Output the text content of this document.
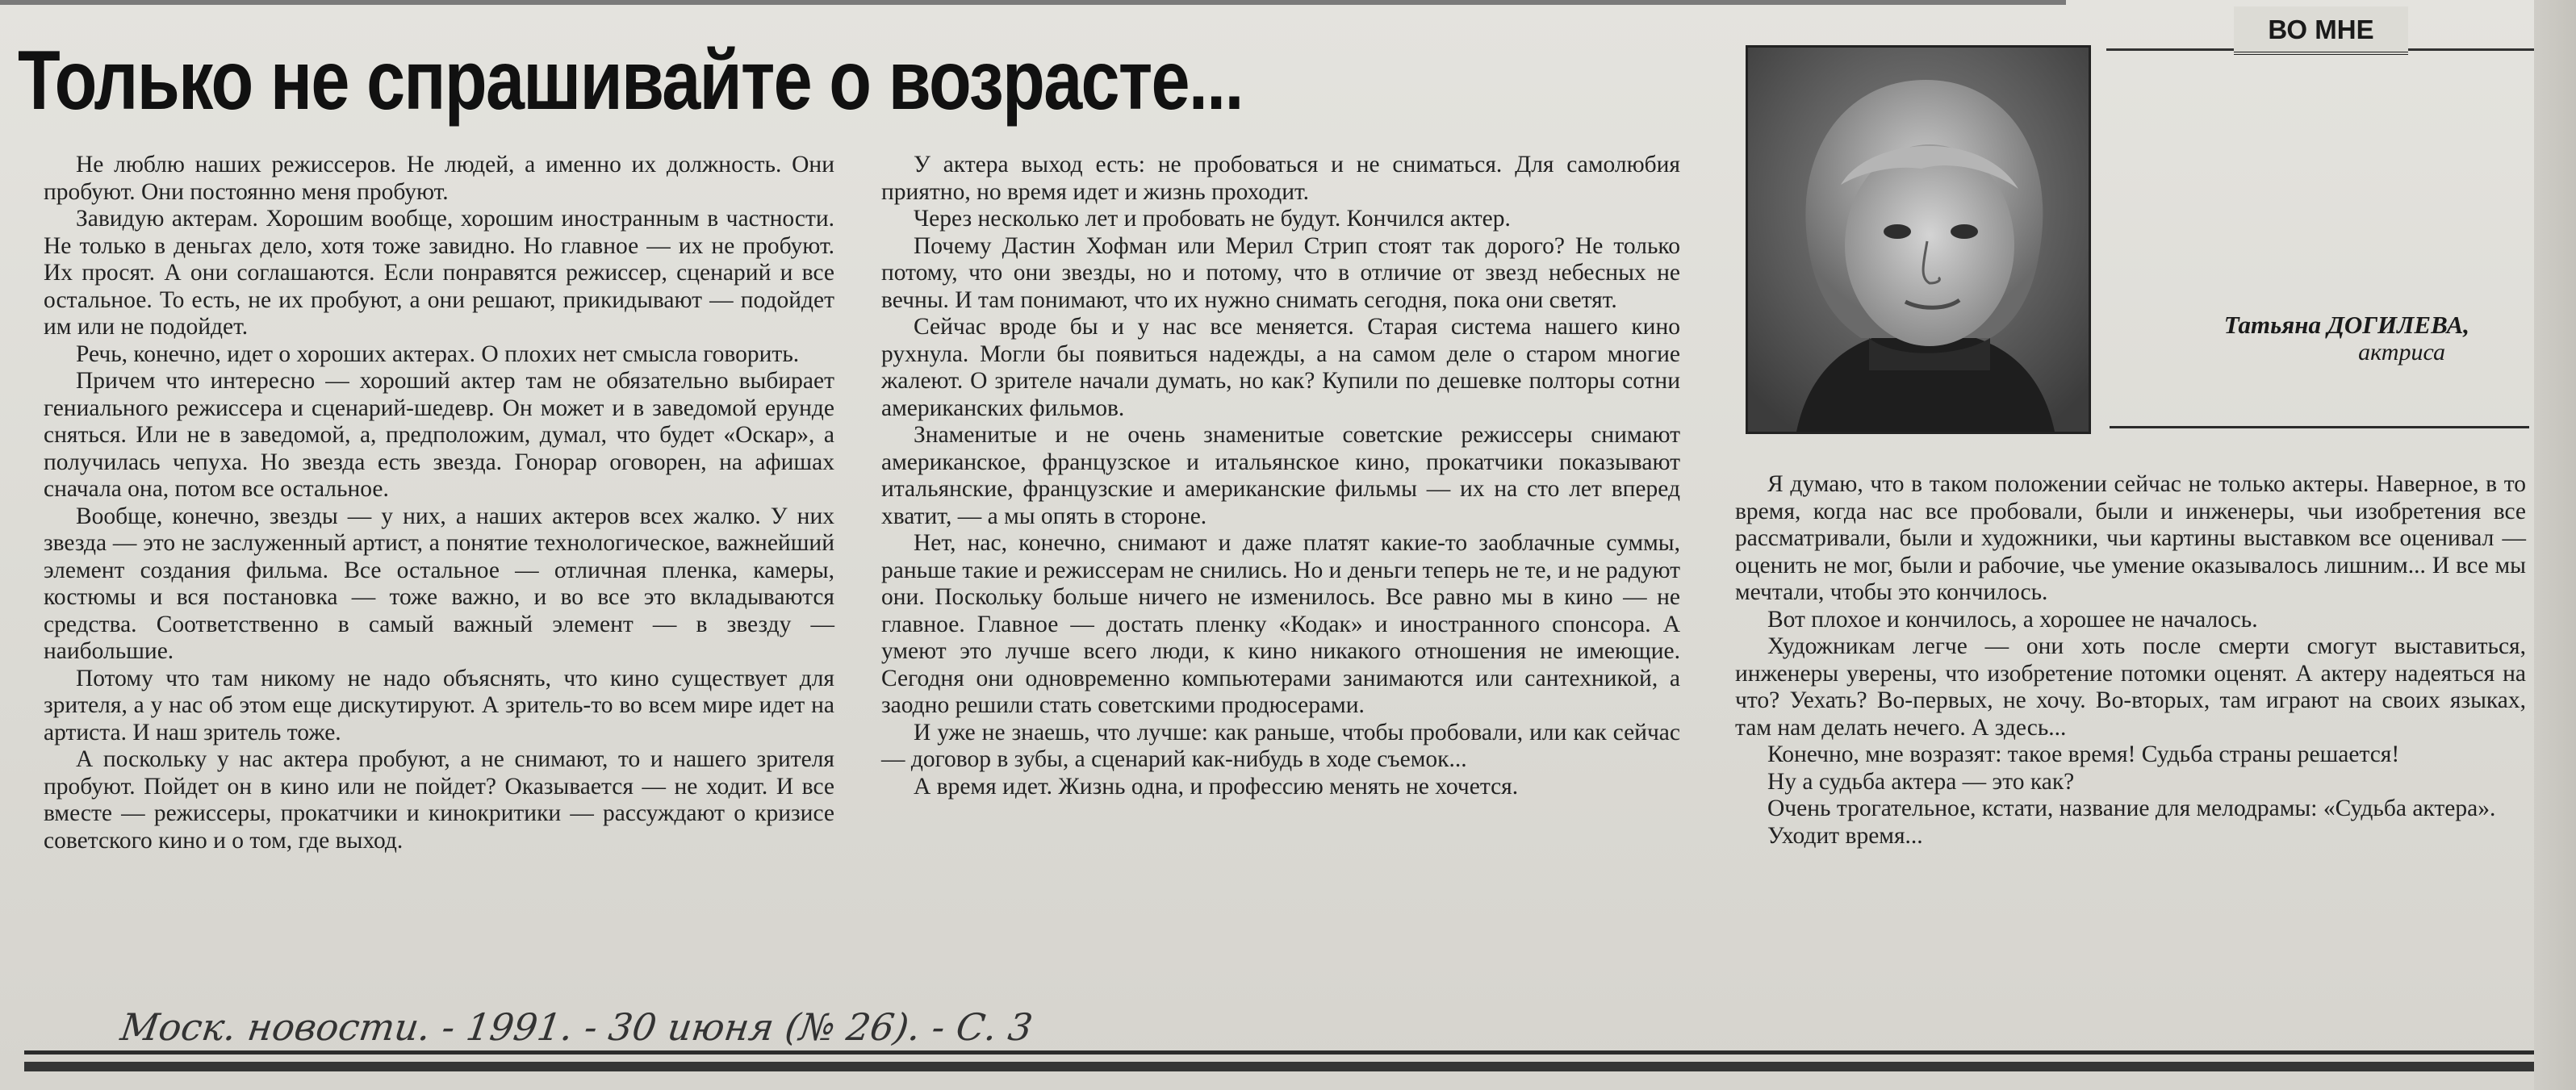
Только не спрашивайте о возрасте...

Не люблю наших режиссеров. Не людей, а именно их должность. Они пробуют. Они постоянно меня пробуют.

Завидую актерам. Хорошим вообще, хорошим иностранным в частности. Не только в деньгах дело, хотя тоже завидно. Но главное — их не пробуют. Их просят. А они соглашаются. Если понравятся режиссер, сценарий и все остальное. То есть, не их пробуют, а они решают, прикидывают — подойдет им или не подойдет.

Речь, конечно, идет о хороших актерах. О плохих нет смысла говорить.

Причем что интересно — хороший актер там не обязательно выбирает гениального режиссера и сценарий-шедевр. Он может и в заведомой ерунде сняться. Или не в заведомой, а, предположим, думал, что будет «Оскар», а получилась чепуха. Но звезда есть звезда. Гонорар оговорен, на афишах сначала она, потом все остальное.

Вообще, конечно, звезды — у них, а наших актеров всех жалко. У них звезда — это не заслуженный артист, а понятие технологическое, важнейший элемент создания фильма. Все остальное — отличная пленка, камеры, костюмы и вся постановка — тоже важно, и во все это вкладываются средства. Соответственно в самый важный элемент — в звезду — наибольшие.

Потому что там никому не надо объяснять, что кино существует для зрителя, а у нас об этом еще дискутируют. А зритель-то во всем мире идет на артиста. И наш зритель тоже.

А поскольку у нас актера пробуют, а не снимают, то и нашего зрителя пробуют. Пойдет он в кино или не пойдет? Оказывается — не ходит. И все вместе — режиссеры, прокатчики и кинокритики — рассуждают о кризисе советского кино и о том, где выход.

У актера выход есть: не пробоваться и не сниматься. Для самолюбия приятно, но время идет и жизнь проходит.

Через несколько лет и пробовать не будут. Кончился актер.

Почему Дастин Хофман или Мерил Стрип стоят так дорого? Не только потому, что они звезды, но и потому, что в отличие от звезд небесных не вечны. И там понимают, что их нужно снимать сегодня, пока они светят.

Сейчас вроде бы и у нас все меняется. Старая система нашего кино рухнула. Могли бы появиться надежды, а на самом деле о старом многие жалеют. О зрителе начали думать, но как? Купили по дешевке полторы сотни американских фильмов.

Знаменитые и не очень знаменитые советские режиссеры снимают американское, французское и итальянское кино, прокатчики показывают итальянские, французские и американские фильмы — их на сто лет вперед хватит, — а мы опять в стороне.

Нет, нас, конечно, снимают и даже платят какие-то заоблачные суммы, раньше такие и режиссерам не снились. Но и деньги теперь не те, и не радуют они. Поскольку больше ничего не изменилось. Все равно мы в кино — не главное. Главное — достать пленку «Кодак» и иностранного спонсора. А умеют это лучше всего люди, к кино никакого отношения не имеющие. Сегодня они одновременно компьютерами занимаются или сантехникой, а заодно решили стать советскими продюсерами.

И уже не знаешь, что лучше: как раньше, чтобы пробовали, или как сейчас — договор в зубы, а сценарий как-нибудь в ходе съемок...

А время идет. Жизнь одна, и профессию менять не хочется.

ВО МНЕ
Татьяна ДОГИЛЕВА,
актриса

Я думаю, что в таком положении сейчас не только актеры. Наверное, в то время, когда нас все пробовали, были и инженеры, чьи изобретения все рассматривали, были и художники, чьи картины выставком все оценивал — оценить не мог, были и рабочие, чье умение оказывалось лишним... И все мы мечтали, чтобы это кончилось.

Вот плохое и кончилось, а хорошее не началось.

Художникам легче — они хоть после смерти смогут выставиться, инженеры уверены, что изобретение потомки оценят. А актеру надеяться на что? Уехать? Во-первых, не хочу. Во-вторых, там играют на своих языках, там нам делать нечего. А здесь...

Конечно, мне возразят: такое время! Судьба страны решается!

Ну а судьба актера — это как?

Очень трогательное, кстати, название для мелодрамы: «Судьба актера».

Уходит время...

Моск. новости. - 1991. - 30 июня (№ 26). - С. 3
